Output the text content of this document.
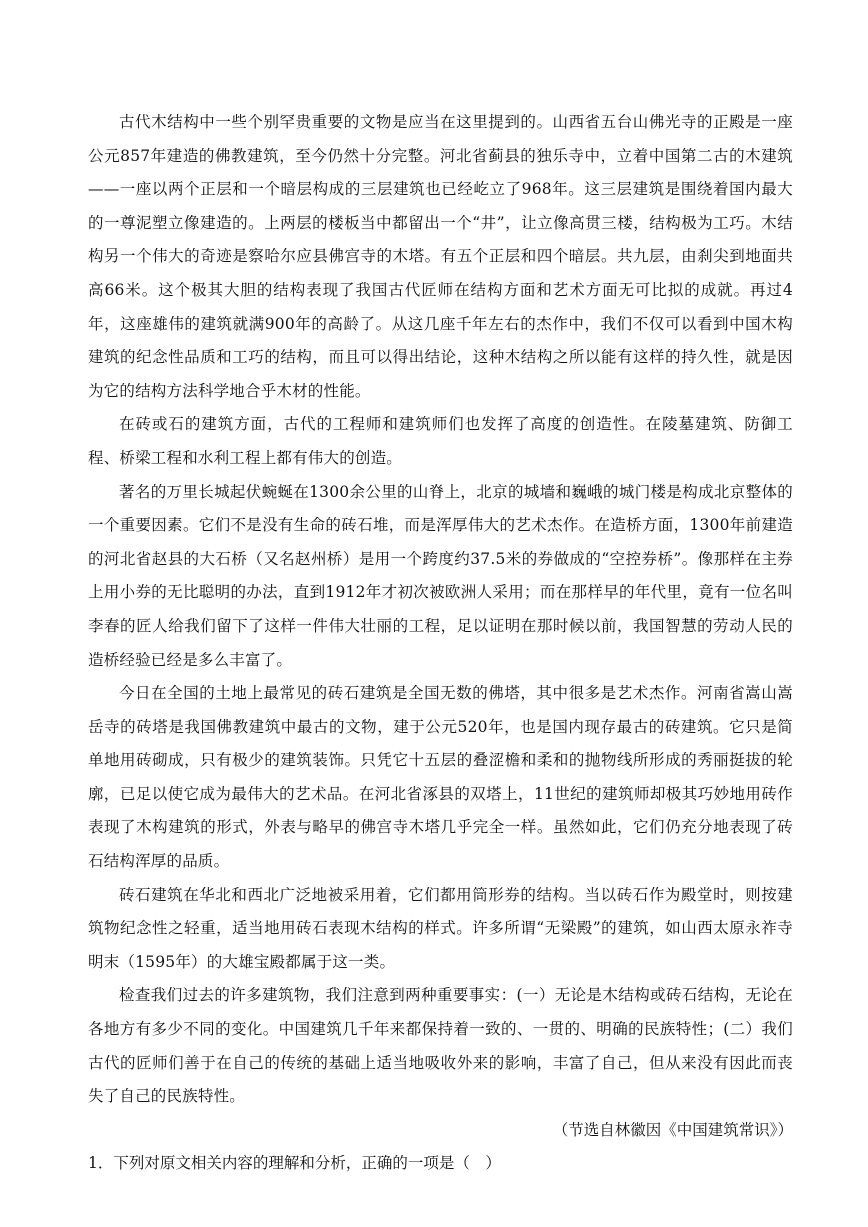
古代木结构中一些个别罕贵重要的文物是应当在这里提到的。山西省五台山佛光寺的正殿是一座公元857年建造的佛教建筑，至今仍然十分完整。河北省蓟县的独乐寺中，立着中国第二古的木建筑——一座以两个正层和一个暗层构成的三层建筑也已经屹立了968年。这三层建筑是围绕着国内最大的一尊泥塑立像建造的。上两层的楼板当中都留出一个“井”，让立像高贯三楼，结构极为工巧。木结构另一个伟大的奇迹是察哈尔应县佛宫寺的木塔。有五个正层和四个暗层。共九层，由刹尖到地面共高66米。这个极其大胆的结构表现了我国古代匠师在结构方面和艺术方面无可比拟的成就。再过4年，这座雄伟的建筑就满900年的高龄了。从这几座千年左右的杰作中，我们不仅可以看到中国木构建筑的纪念性品质和工巧的结构，而且可以得出结论，这种木结构之所以能有这样的持久性，就是因为它的结构方法科学地合乎木材的性能。

在砖或石的建筑方面，古代的工程师和建筑师们也发挥了高度的创造性。在陵墓建筑、防御工程、桥梁工程和水利工程上都有伟大的创造。

著名的万里长城起伏蜿蜒在1300余公里的山脊上，北京的城墙和巍峨的城门楼是构成北京整体的一个重要因素。它们不是没有生命的砖石堆，而是浑厚伟大的艺术杰作。在造桥方面，1300年前建造的河北省赵县的大石桥（又名赵州桥）是用一个跨度约37.5米的券做成的“空控券桥”。像那样在主券上用小券的无比聪明的办法，直到1912年才初次被欧洲人采用；而在那样早的年代里，竟有一位名叫李春的匠人给我们留下了这样一件伟大壮丽的工程，足以证明在那时候以前，我国智慧的劳动人民的造桥经验已经是多么丰富了。

今日在全国的土地上最常见的砖石建筑是全国无数的佛塔，其中很多是艺术杰作。河南省嵩山嵩岳寺的砖塔是我国佛教建筑中最古的文物，建于公元520年，也是国内现存最古的砖建筑。它只是简单地用砖砌成，只有极少的建筑装饰。只凭它十五层的叠涩檐和柔和的抛物线所形成的秀丽挺拔的轮廓，已足以使它成为最伟大的艺术品。在河北省涿县的双塔上，11世纪的建筑师却极其巧妙地用砖作表现了木构建筑的形式，外表与略早的佛宫寺木塔几乎完全一样。虽然如此，它们仍充分地表现了砖石结构浑厚的品质。

砖石建筑在华北和西北广泛地被采用着，它们都用筒形券的结构。当以砖石作为殿堂时，则按建筑物纪念性之轻重，适当地用砖石表现木结构的样式。许多所谓“无梁殿”的建筑，如山西太原永祚寺明末（1595年）的大雄宝殿都属于这一类。

检查我们过去的许多建筑物，我们注意到两种重要事实：(一）无论是木结构或砖石结构，无论在各地方有多少不同的变化。中国建筑几千年来都保持着一致的、一贯的、明确的民族特性；(二）我们古代的匠师们善于在自己的传统的基础上适当地吸收外来的影响，丰富了自己，但从来没有因此而丧失了自己的民族特性。

（节选自林徽因《中国建筑常识》）

1．下列对原文相关内容的理解和分析，正确的一项是（　）
